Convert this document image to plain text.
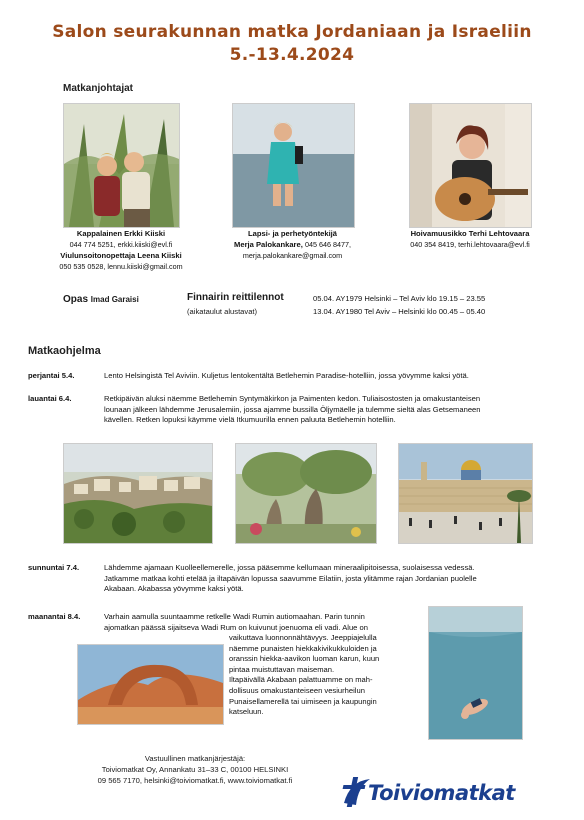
Salon seurakunnan matka Jordaniaan ja Israeliin
5.-13.4.2024
Matkanjohtajat
Kappalainen Erkki Kiiski
044 774 5251, erkki.kiiski@evl.fi
Viulunsoitonopettaja Leena Kiiski
050 535 0528, lennu.kiiski@gmail.com
Lapsi- ja perhetyöntekijä
Merja Palokankare, 045 646 8477,
merja.palokankare@gmail.com
Hoivamuusikko Terhi Lehtovaara
040 354 8419, terhi.lehtovaara@evl.fi
Opas Imad Garaisi	Finnairin reittilennot
(aikataulut alustavat)
05.04. AY1979 Helsinki – Tel Aviv klo 19.15 – 23.55
13.04. AY1980 Tel Aviv – Helsinki klo 00.45 – 05.40
Matkaohjelma
perjantai 5.4.	Lento Helsingistä Tel Aviviin. Kuljetus lentokentältä Betlehemin Paradise-hotelliin, jossa yövymme kaksi yötä.
lauantai 6.4.	Retkipäivän aluksi näemme Betlehemin Syntymäkirkon ja Paimenten kedon. Tuliaisostosten ja omakustanteisen
lounaan jälkeen lähdemme Jerusalemiin, jossa ajamme bussilla Öljymäelle ja tulemme sieltä alas Getsemaneen
kävellen. Retken lopuksi käymme vielä Itkumuurilla ennen paluuta Betlehemin hotelliin.
sunnuntai 7.4.	Lähdemme ajamaan Kuolleellemerelle, jossa pääsemme kellumaan mineraalipitoisessa, suolaisessa vedessä.
Jatkamme matkaa kohti etelää ja iltapäivän lopussa saavumme Eilatiin, josta ylitämme rajan Jordanian puolelle
Akabaan. Akabassa yövymme kaksi yötä.
maanantai 8.4.	Varhain aamulla suuntaamme retkelle Wadi Rumin autiomaahan. Parin tunnin
ajomatkan päässä sijaitseva Wadi Rum on kuivunut joenuoma eli vadi. Alue on
vaikuttava luonnonnähtävyys. Jeeppiajelulla
näemme punaisten hiekkakivikukkuloiden ja
oranssin hiekka-aavikon luoman karun, kuun
pintaa muistuttavan maiseman.
Iltapäivällä Akabaan palattuamme on mah-
dollisuus omakustanteiseen vesiurheilun
Punaisellamerellä tai uimiseen ja kaupungin
katseluun.
Vastuullinen matkanjärjestäjä:
Toiviomatkat Oy, Annankatu 31–33 C, 00100 HELSINKI
09 565 7170, helsinki@toiviomatkat.fi, www.toiviomatkat.fi
Toiviomatkat
